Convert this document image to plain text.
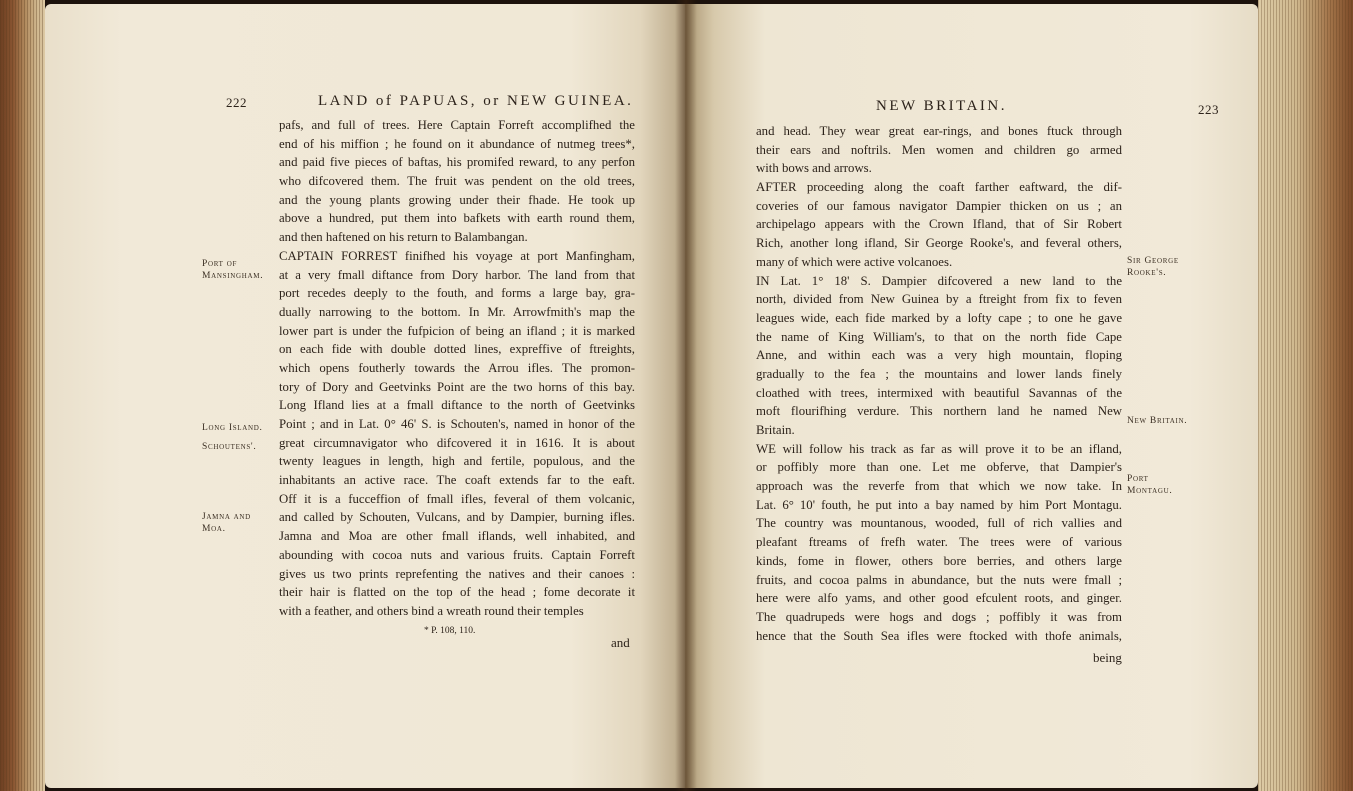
222	LAND of PAPUAS, or NEW GUINEA.
Port of
Mansingham.
Long Island.
Schoutens'.
Jamna and
Moa.
pafs, and full of trees. Here Captain Forreft accomplifhed the
end of his miffion ; he found on it abundance of nutmeg trees*,
and paid five pieces of baftas, his promifed reward, to any perfon
who difcovered them. The fruit was pendent on the old trees,
and the young plants growing under their fhade. He took up
above a hundred, put them into bafkets with earth round them,
and then haftened on his return to Balambangan.
CAPTAIN FORREST finifhed his voyage at port Manfingham,
at a very fmall diftance from Dory harbor. The land from that
port recedes deeply to the fouth, and forms a large bay, gra-
dually narrowing to the bottom. In Mr. Arrowfmith's map the
lower part is under the fufpicion of being an ifland ; it is marked
on each fide with double dotted lines, expreffive of ftreights,
which opens foutherly towards the Arrou ifles. The promon-
tory of Dory and Geetvinks Point are the two horns of this bay.
Long Ifland lies at a fmall diftance to the north of Geetvinks
Point ; and in Lat. 0° 46' S. is Schouten's, named in honor of the
great circumnavigator who difcovered it in 1616. It is about
twenty leagues in length, high and fertile, populous, and the
inhabitants an active race. The coaft extends far to the eaft.
Off it is a fucceffion of fmall ifles, feveral of them volcanic,
and called by Schouten, Vulcans, and by Dampier, burning ifles.
Jamna and Moa are other fmall iflands, well inhabited, and
abounding with cocoa nuts and various fruits. Captain Forreft
gives us two prints reprefenting the natives and their canoes :
their hair is flatted on the top of the head ; fome decorate it
with a feather, and others bind a wreath round their temples
* P. 108, 110.
and
NEW BRITAIN.	223
and head. They wear great ear-rings, and bones ftuck through
their ears and noftrils. Men women and children go armed
with bows and arrows.
AFTER proceeding along the coaft farther eaftward, the dif-
coveries of our famous navigator Dampier thicken on us ; an
archipelago appears with the Crown Ifland, that of Sir Robert
Rich, another long ifland, Sir George Rooke's, and feveral others,
many of which were active volcanoes.
IN Lat. 1° 18' S. Dampier difcovered a new land to the
north, divided from New Guinea by a ftreight from fix to feven
leagues wide, each fide marked by a lofty cape ; to one he gave
the name of King William's, to that on the north fide Cape
Anne, and within each was a very high mountain, floping
gradually to the fea ; the mountains and lower lands finely
cloathed with trees, intermixed with beautiful Savannas of the
moft flourifhing verdure. This northern land he named New
Britain.
WE will follow his track as far as will prove it to be an ifland,
or poffibly more than one. Let me obferve, that Dampier's
approach was the reverfe from that which we now take. In
Lat. 6° 10' fouth, he put into a bay named by him Port Montagu.
The country was mountanous, wooded, full of rich vallies and
pleafant ftreams of frefh water. The trees were of various
kinds, fome in flower, others bore berries, and others large
fruits, and cocoa palms in abundance, but the nuts were fmall ;
here were alfo yams, and other good efculent roots, and ginger.
The quadrupeds were hogs and dogs ; poffibly it was from
hence that the South Sea ifles were ftocked with thofe animals,
Sir George
Rooke's.
New Britain.
Port
Montagu.
being
